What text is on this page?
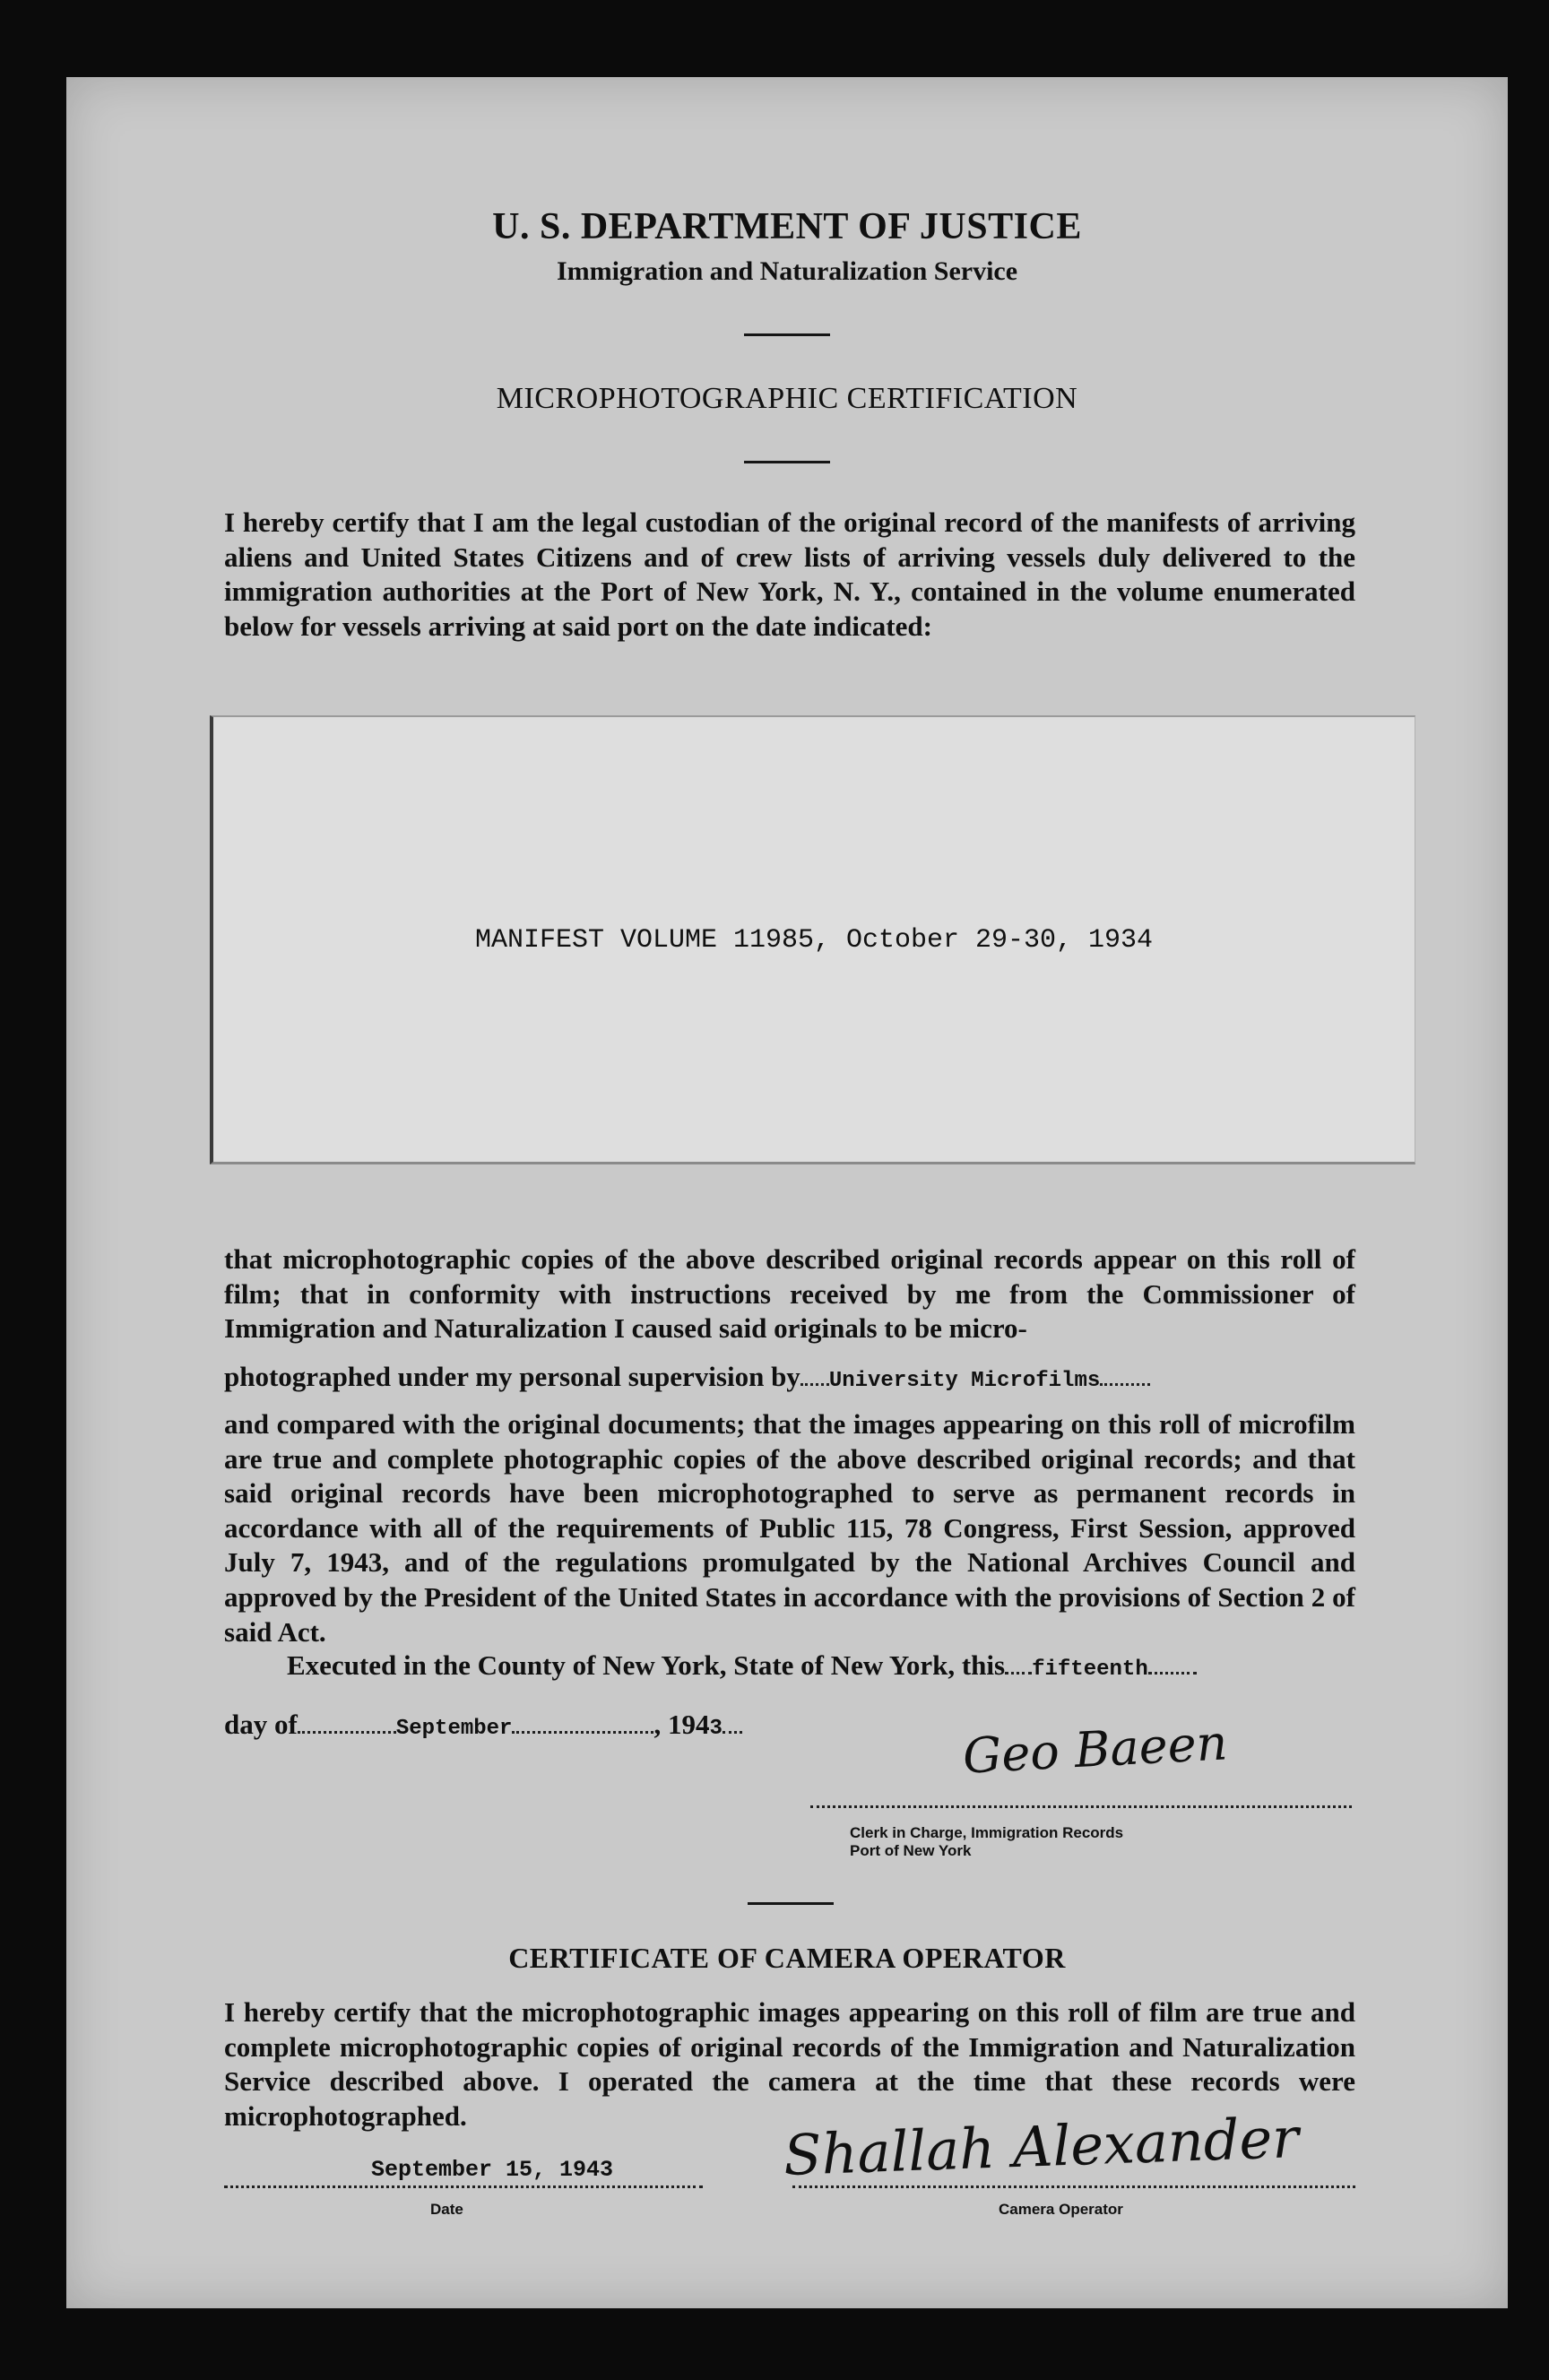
U. S. DEPARTMENT OF JUSTICE
Immigration and Naturalization Service
MICROPHOTOGRAPHIC CERTIFICATION
I hereby certify that I am the legal custodian of the original record of the manifests of arriving aliens and United States Citizens and of crew lists of arriving vessels duly delivered to the immigration authorities at the Port of New York, N. Y., contained in the volume enumerated below for vessels arriving at said port on the date indicated:
MANIFEST VOLUME 11985, October 29-30, 1934
that microphotographic copies of the above described original records appear on this roll of film; that in conformity with instructions received by me from the Commissioner of Immigration and Naturalization I caused said originals to be micro-
photographed under my personal supervision by University Microfilms
and compared with the original documents; that the images appearing on this roll of microfilm are true and complete photographic copies of the above described original records; and that said original records have been microphotographed to serve as permanent records in accordance with all of the requirements of Public 115, 78 Congress, First Session, approved July 7, 1943, and of the regulations promulgated by the National Archives Council and approved by the President of the United States in accordance with the provisions of Section 2 of said Act.
Executed in the County of New York, State of New York, this fifteenth
day of	September	, 1943	Geo Baeen
Clerk in Charge, Immigration Records
Port of New York
CERTIFICATE OF CAMERA OPERATOR
I hereby certify that the microphotographic images appearing on this roll of film are true and complete microphotographic copies of original records of the Immigration and Naturalization Service described above. I operated the camera at the time that these records were microphotographed.
September 15, 1943
Date
Shallah Alexander
Camera Operator
